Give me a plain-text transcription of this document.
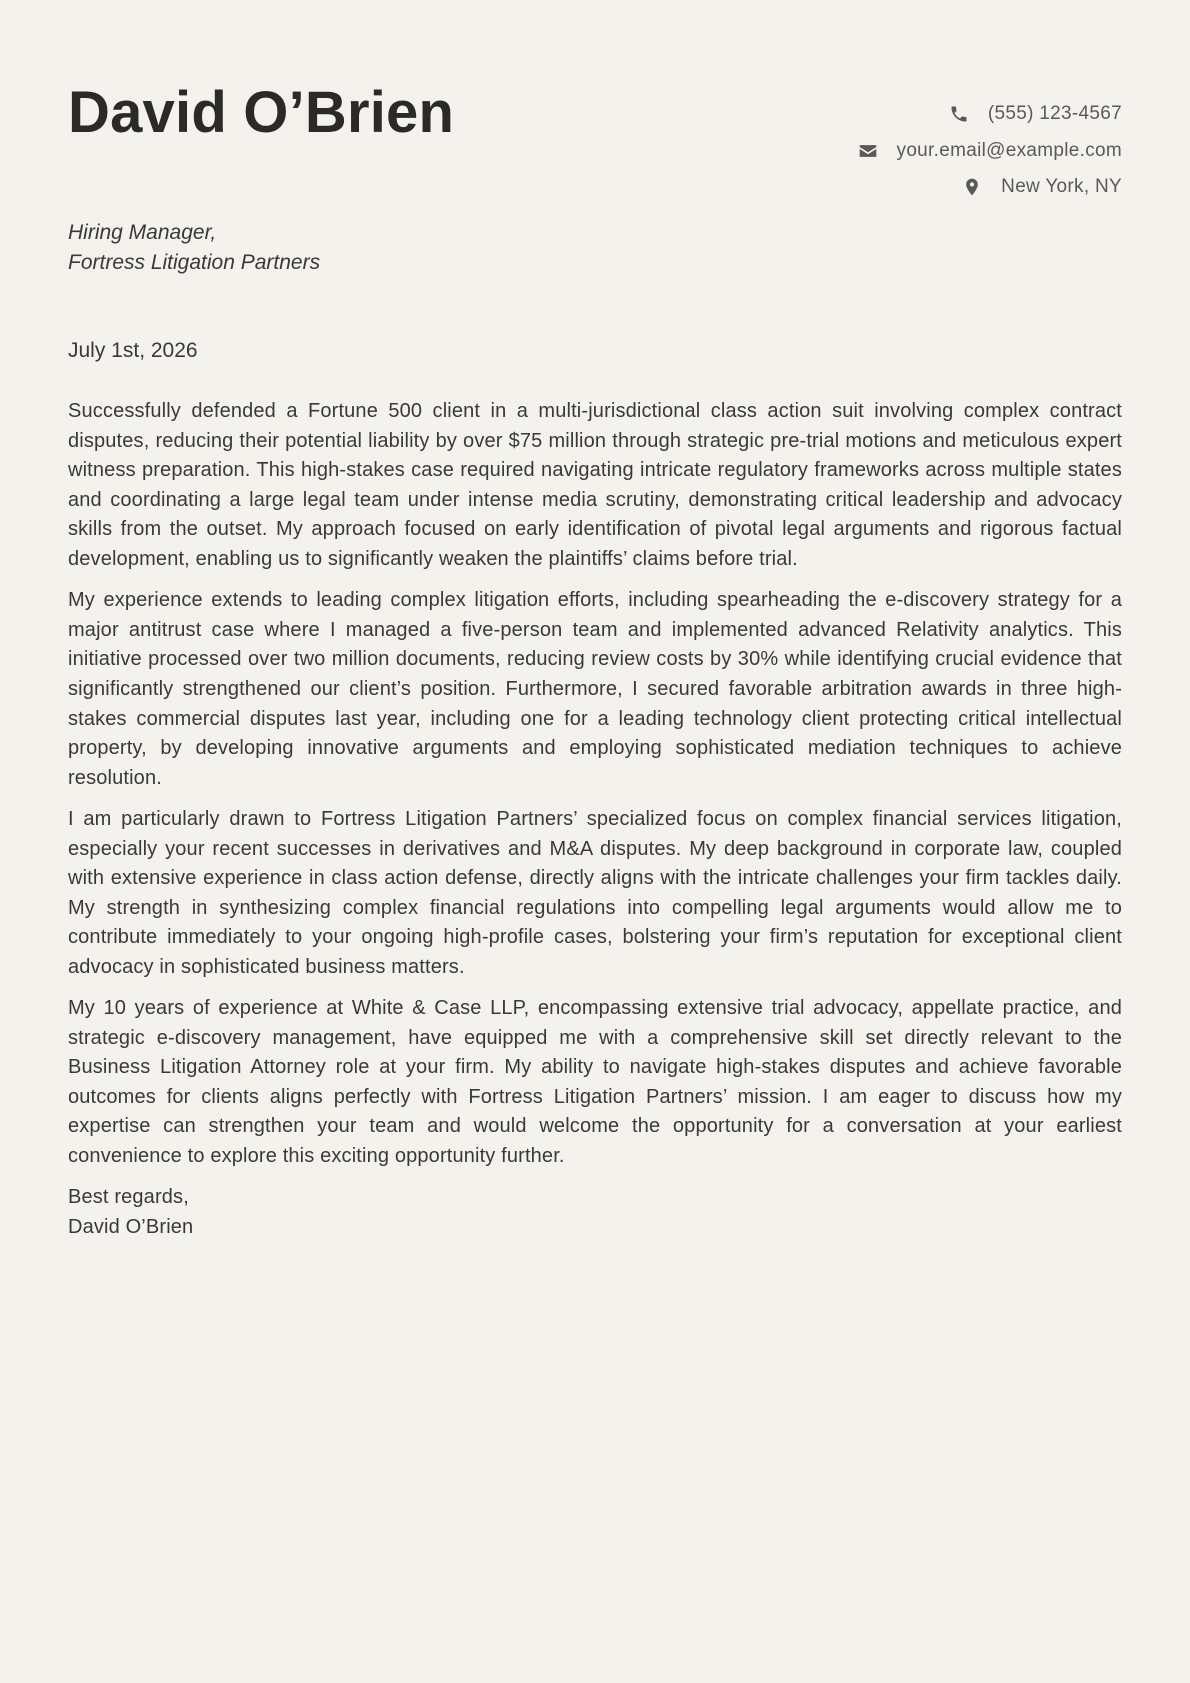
David O’Brien	(555) 123-4567
your.email@example.com
New York, NY
Hiring Manager,
Fortress Litigation Partners
July 1st, 2026

Successfully defended a Fortune 500 client in a multi-jurisdictional class action suit involving complex contract disputes, reducing their potential liability by over $75 million through strategic pre-trial motions and meticulous expert witness preparation. This high-stakes case required navigating intricate regulatory frameworks across multiple states and coordinating a large legal team under intense media scrutiny, demonstrating critical leadership and advocacy skills from the outset. My approach focused on early identification of pivotal legal arguments and rigorous factual development, enabling us to significantly weaken the plaintiffs’ claims before trial.

My experience extends to leading complex litigation efforts, including spearheading the e-discovery strategy for a major antitrust case where I managed a five-person team and implemented advanced Relativity analytics. This initiative processed over two million documents, reducing review costs by 30% while identifying crucial evidence that significantly strengthened our client’s position. Furthermore, I secured favorable arbitration awards in three high-stakes commercial disputes last year, including one for a leading technology client protecting critical intellectual property, by developing innovative arguments and employing sophisticated mediation techniques to achieve resolution.

I am particularly drawn to Fortress Litigation Partners’ specialized focus on complex financial services litigation, especially your recent successes in derivatives and M&A disputes. My deep background in corporate law, coupled with extensive experience in class action defense, directly aligns with the intricate challenges your firm tackles daily. My strength in synthesizing complex financial regulations into compelling legal arguments would allow me to contribute immediately to your ongoing high-profile cases, bolstering your firm’s reputation for exceptional client advocacy in sophisticated business matters.

My 10 years of experience at White & Case LLP, encompassing extensive trial advocacy, appellate practice, and strategic e-discovery management, have equipped me with a comprehensive skill set directly relevant to the Business Litigation Attorney role at your firm. My ability to navigate high-stakes disputes and achieve favorable outcomes for clients aligns perfectly with Fortress Litigation Partners’ mission. I am eager to discuss how my expertise can strengthen your team and would welcome the opportunity for a conversation at your earliest convenience to explore this exciting opportunity further.

Best regards,
David O’Brien
